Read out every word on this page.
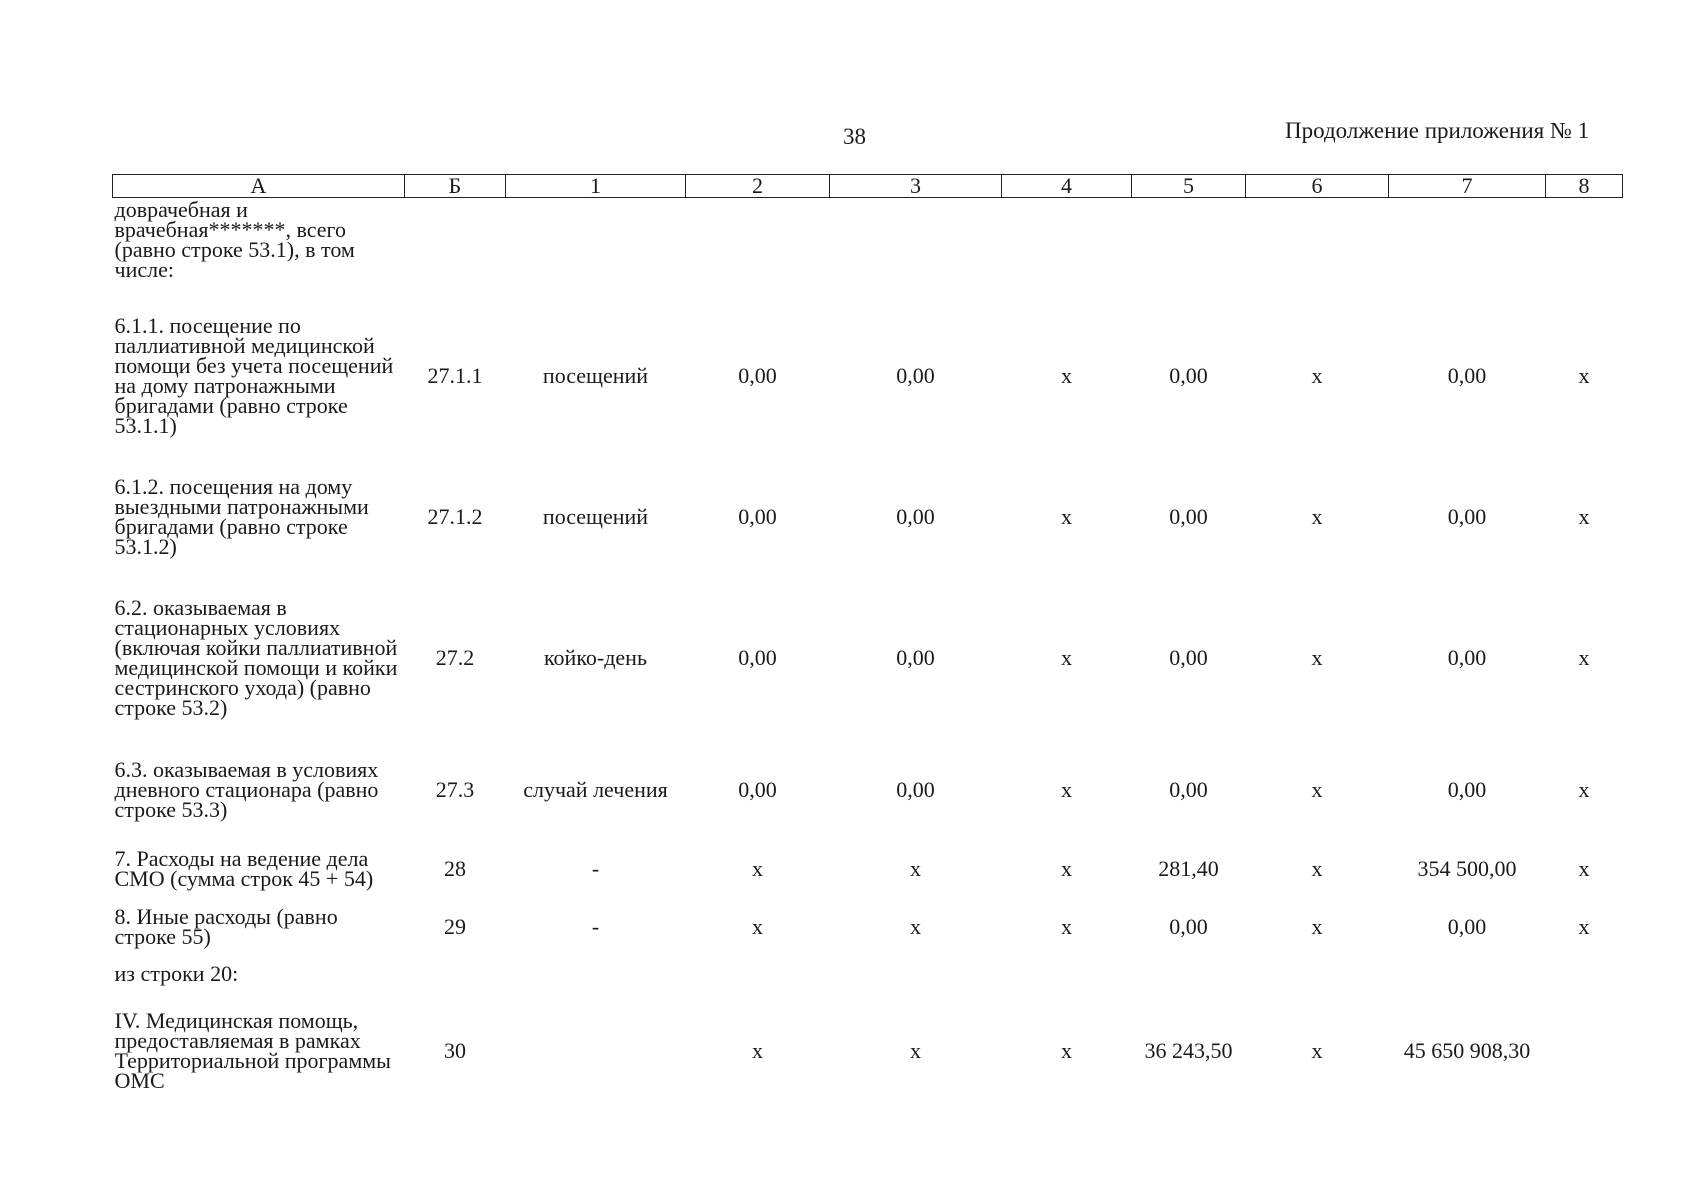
38	Продолжение приложения № 1
А	Б	1	2	3	4	5	6	7	8
доврачебная и врачебная*******, всего (равно строке 53.1), в том числе:									
6.1.1. посещение по паллиативной медицинской помощи без учета посещений на дому патронажными бригадами (равно строке 53.1.1)	27.1.1	посещений	0,00	0,00	х	0,00	х	0,00	х
6.1.2. посещения на дому выездными патронажными бригадами (равно строке 53.1.2)	27.1.2	посещений	0,00	0,00	х	0,00	х	0,00	х
6.2. оказываемая в стационарных условиях (включая койки паллиативной медицинской помощи и койки сестринского ухода) (равно строке 53.2)	27.2	койко-день	0,00	0,00	х	0,00	х	0,00	х
6.3. оказываемая в условиях дневного стационара (равно строке 53.3)	27.3	случай лечения	0,00	0,00	х	0,00	х	0,00	х
7. Расходы на ведение дела СМО (сумма строк 45 + 54)	28	-	х	х	х	281,40	х	354 500,00	х
8. Иные расходы (равно строке 55)	29	-	х	х	х	0,00	х	0,00	х
из строки 20:									
IV. Медицинская помощь, предоставляемая в рамках Территориальной программы ОМС	30		х	х	х	36 243,50	х	45 650 908,30	
